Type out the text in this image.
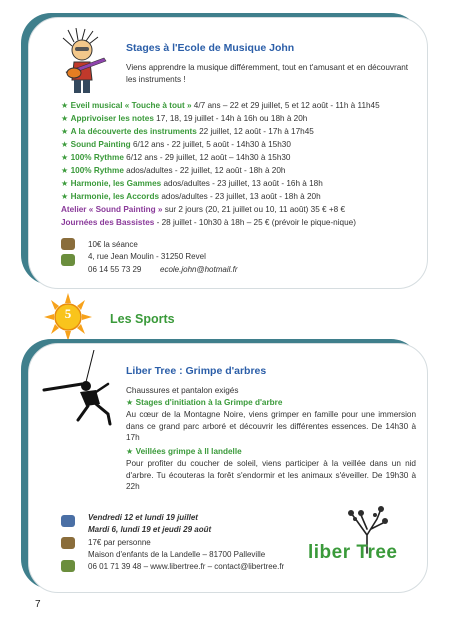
Stages à l'Ecole de Musique John
Viens apprendre la musique différemment, tout en t'amusant et en découvrant les instruments !
★ Eveil musical « Touche à tout » 4/7 ans – 22 et 29 juillet, 5 et 12 août - 11h à 11h45
★ Apprivoiser les notes 17, 18, 19 juillet - 14h à 16h ou 18h à 20h
★ A la découverte des instruments 22 juillet, 12 août - 17h à 17h45
★ Sound Painting 6/12 ans - 22 juillet, 5 août - 14h30 à 15h30
★ 100% Rythme 6/12 ans - 29 juillet, 12 août – 14h30 à 15h30
★ 100% Rythme ados/adultes - 22 juillet, 12 août - 18h à 20h
★ Harmonie, les Gammes ados/adultes - 23 juillet, 13 août - 16h à 18h
★ Harmonie, les Accords ados/adultes - 23 juillet, 13 août - 18h à 20h
Atelier « Sound Painting » sur 2 jours (20, 21 juillet ou 10, 11 août) 35 € +8 €
Journées des Bassistes - 28 juillet - 10h30 à 18h – 25 € (prévoir le pique-nique)
10€ la séance
4, rue Jean Moulin - 31250 Revel
06 14 55 73 29 ecole.john@hotmail.fr
5	Les Sports
Liber Tree : Grimpe d'arbres
Chaussures et pantalon exigés
★ Stages d'initiation à la Grimpe d'arbre
Au cœur de la Montagne Noire, viens grimper en famille pour une immersion dans ce grand parc arboré et découvrir les différentes essences. De 14h30 à 17h
★ Veillées grimpe à ll landelle
Pour profiter du coucher de soleil, viens participer à la veillée dans un nid d'arbre. Tu écouteras la forêt s'endormir et les animaux s'éveiller. De 19h30 à 22h
Vendredi 12 et lundi 19 juillet
Mardi 6, lundi 19 et jeudi 29 août
17€ par personne
Maison d'enfants de la Landelle – 81700 Palleville
06 01 71 39 48 – www.libertree.fr – contact@libertree.fr
liber Tree
7
